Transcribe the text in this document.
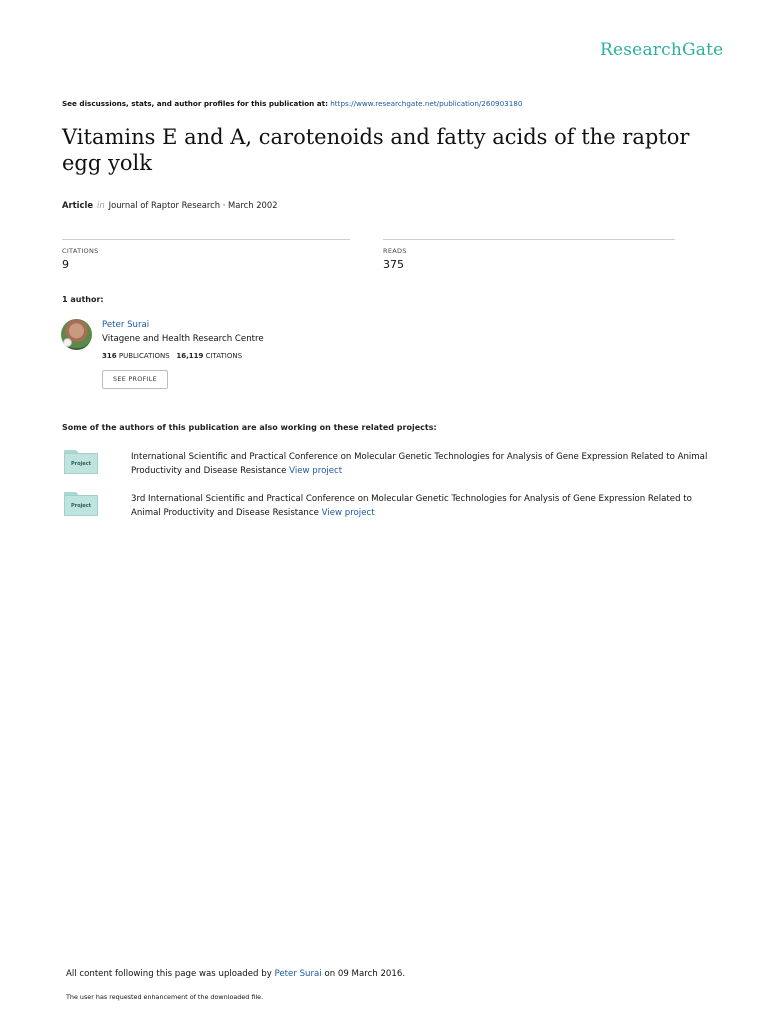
ResearchGate
See discussions, stats, and author profiles for this publication at: https://www.researchgate.net/publication/260903180
Vitamins E and A, carotenoids and fatty acids of the raptor egg yolk
Article in Journal of Raptor Research · March 2002
CITATIONS
9
READS
375
1 author:
Peter Surai
Vitagene and Health Research Centre
316 PUBLICATIONS 16,119 CITATIONS
SEE PROFILE
Some of the authors of this publication are also working on these related projects:
Project
International Scientific and Practical Conference on Molecular Genetic Technologies for Analysis of Gene Expression Related to Animal Productivity and Disease Resistance View project
Project
3rd International Scientific and Practical Conference on Molecular Genetic Technologies for Analysis of Gene Expression Related to Animal Productivity and Disease Resistance View project
All content following this page was uploaded by Peter Surai on 09 March 2016.
The user has requested enhancement of the downloaded file.
